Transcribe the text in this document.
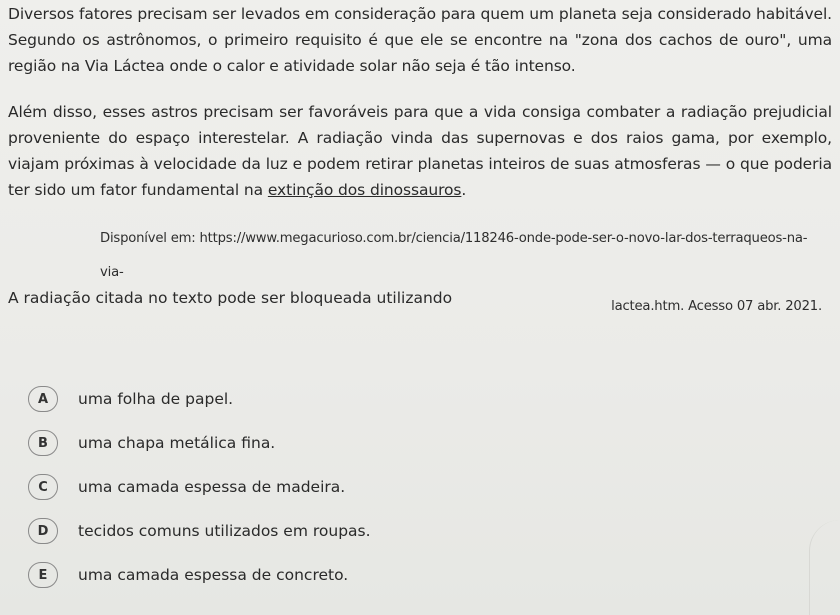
Diversos fatores precisam ser levados em consideração para quem um planeta seja considerado habitável. Segundo os astrônomos, o primeiro requisito é que ele se encontre na "zona dos cachos de ouro", uma região na Via Láctea onde o calor e atividade solar não seja é tão intenso.

Além disso, esses astros precisam ser favoráveis para que a vida consiga combater a radiação prejudicial proveniente do espaço interestelar. A radiação vinda das supernovas e dos raios gama, por exemplo, viajam próximas à velocidade da luz e podem retirar planetas inteiros de suas atmosferas — o que poderia ter sido um fator fundamental na extinção dos dinossauros.

Disponível em: https://www.megacurioso.com.br/ciencia/118246-onde-pode-ser-o-novo-lar-dos-terraqueos-na-via-
lactea.htm. Acesso 07 abr. 2021.

A radiação citada no texto pode ser bloqueada utilizando

A	uma folha de papel.
B	uma chapa metálica fina.
C	uma camada espessa de madeira.
D	tecidos comuns utilizados em roupas.
E	uma camada espessa de concreto.
